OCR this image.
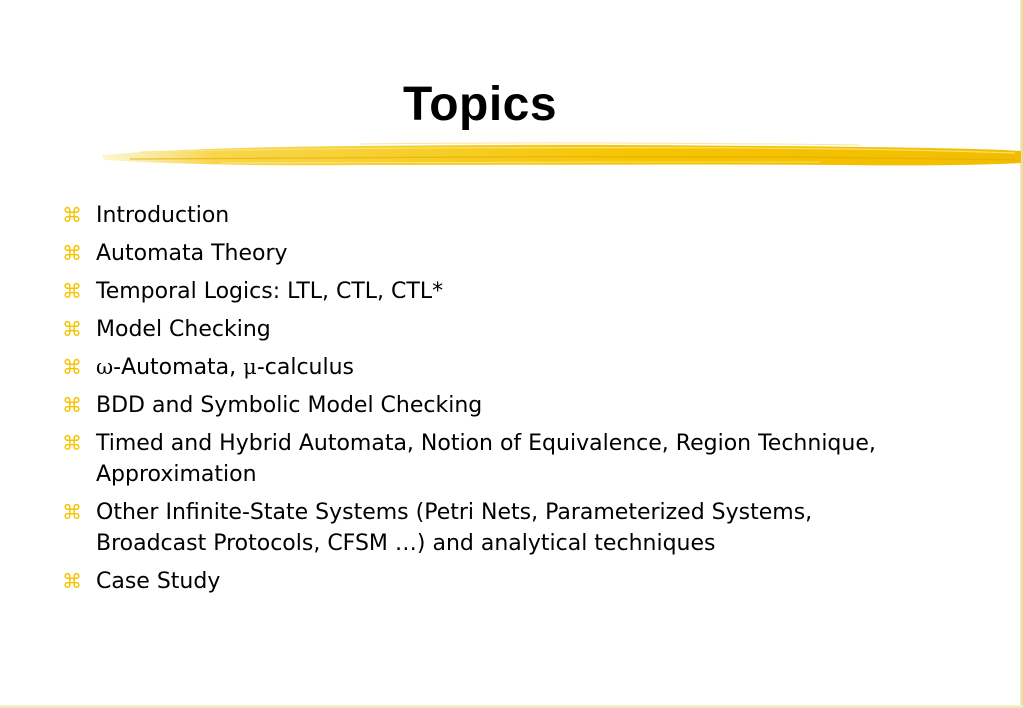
Topics
⌘ Introduction
⌘ Automata Theory
⌘ Temporal Logics: LTL, CTL, CTL*
⌘ Model Checking
⌘ ω-Automata, μ-calculus
⌘ BDD and Symbolic Model Checking
⌘ Timed and Hybrid Automata, Notion of Equivalence, Region Technique,
Approximation
⌘ Other Infinite-State Systems (Petri Nets, Parameterized Systems,
Broadcast Protocols, CFSM …) and analytical techniques
⌘ Case Study
